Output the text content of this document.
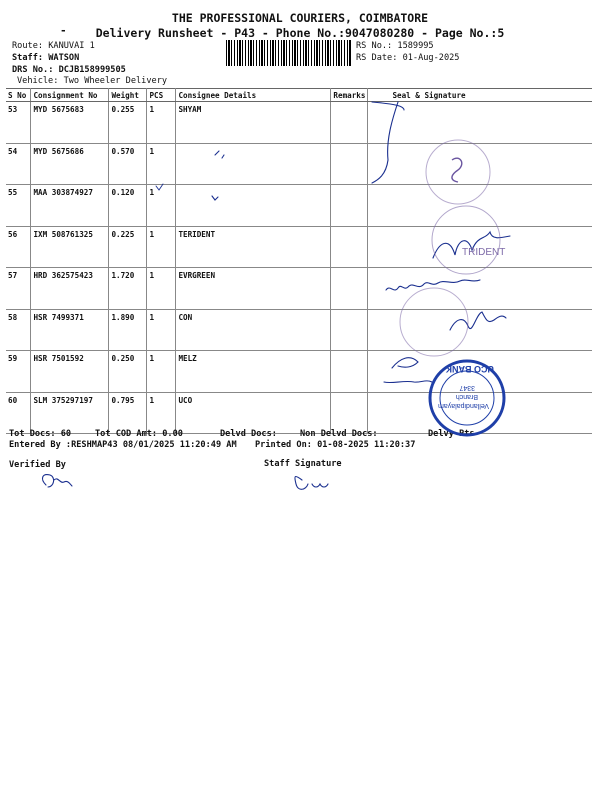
THE PROFESSIONAL COURIERS, COIMBATORE
Delivery Runsheet - P43 - Phone No.:9047080280 - Page No.:5
-
Route: KANUVAI 1
Staff: WATSON
DRS No.: DCJB158999505
Vehicle: Two Wheeler Delivery
RS No.: 1589995
RS Date: 01-Aug-2025
S No	Consignment No	Weight	PCS	Consignee Details	Remarks	Seal & Signature
53	MYD 5675683	0.255	1	SHYAM		
54	MYD 5675686	0.570	1			
55	MAA 303874927	0.120	1			
56	IXM 508761325	0.225	1	TERIDENT		
57	HRD 362575423	1.720	1	EVRGREEN		
58	HSR 7499371	1.890	1	CON		
59	HSR 7501592	0.250	1	MELZ		
60	SLM 375297197	0.795	1	UCO		
Tot Docs: 60	Tot COD Amt: 0.00	Delvd Docs:	Non Delvd Docs:	Delvy Pts
Entered By :RESHMAP43 08/01/2025 11:20:49 AM Printed On: 01-08-2025 11:20:37
Verified By	Staff Signature
TRIDENT
UCO BANK
Vellandipalayam
Branch
3347
